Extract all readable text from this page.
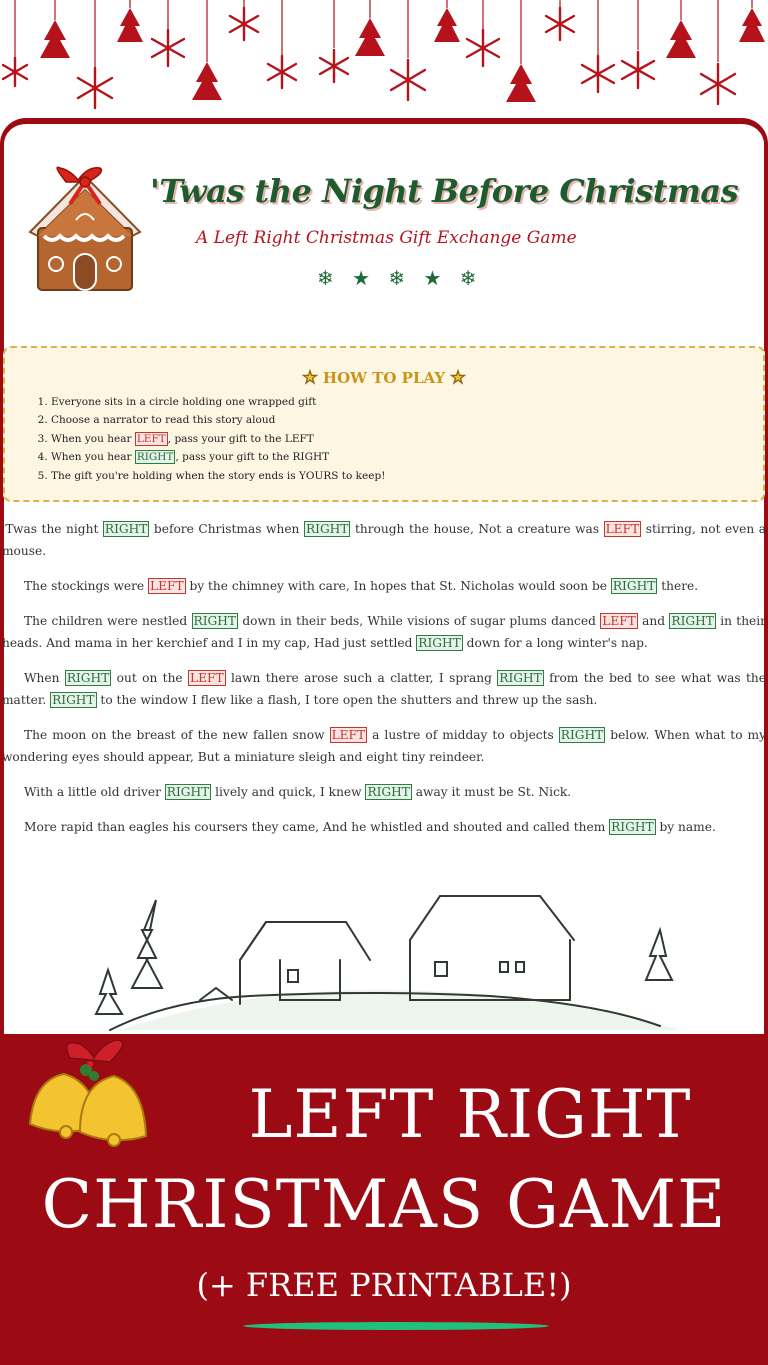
'Twas the Night Before Christmas
A Left Right Christmas Gift Exchange Game
❄ ★ ❄ ★ ❄
★ HOW TO PLAY ★
1. Everyone sits in a circle holding one wrapped gift
2. Choose a narrator to read this story aloud
3. When you hear LEFT , pass your gift to the LEFT
4. When you hear RIGHT , pass your gift to the RIGHT
5. The gift you're holding when the story ends is YOURS to keep!

'Twas the night RIGHT before Christmas when RIGHT through the house, Not a creature was LEFT stirring, not even a mouse.

The stockings were LEFT by the chimney with care, In hopes that St. Nicholas would soon be RIGHT there.

The children were nestled RIGHT down in their beds, While visions of sugar plums danced LEFT and RIGHT in their heads. And mama in her kerchief and I in my cap, Had just settled RIGHT down for a long winter's nap.

When RIGHT out on the LEFT lawn there arose such a clatter, I sprang RIGHT from the bed to see what was the matter. RIGHT to the window I flew like a flash, I tore open the shutters and threw up the sash.

The moon on the breast of the new fallen snow LEFT a lustre of midday to objects RIGHT below. When what to my wondering eyes should appear, But a miniature sleigh and eight tiny reindeer.

With a little old driver RIGHT lively and quick, I knew RIGHT away it must be St. Nick.

More rapid than eagles his coursers they came, And he whistled and shouted and called them RIGHT by name.

LEFT RIGHT
CHRISTMAS GAME
(+ FREE PRINTABLE!)
